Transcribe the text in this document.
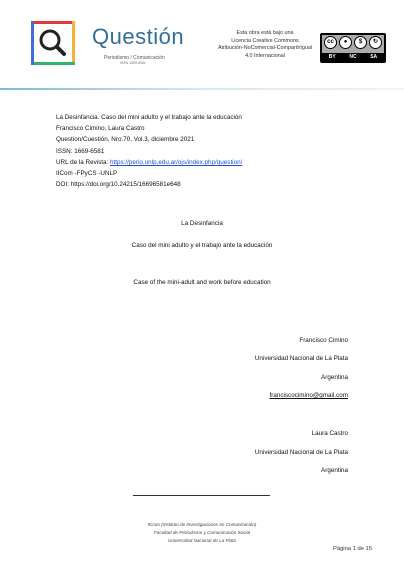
Questión
Periodismo / Comunicación
ISSN 1669-6581
Esta obra está bajo una
Licencia Creative Commons
Atribución-NoComercial-CompartirIgual
4.0 Internacional
cc	●	$	↻
BY	NC	SA
La Desinfancia. Caso del mini adulto y el trabajo ante la educación
Francisco Cimino, Laura Castro
Question/Cuestión, Nro.70, Vol.3, diciembre 2021
ISSN: 1669-6581
URL de la Revista: https://perio.unlp.edu.ar/ojs/index.php/question/
IICom -FPyCS -UNLP
DOI: https://doi.org/10.24215/16696581e648
La Desinfancia
Caso del mini adulto y el trabajo ante la educación
Case of the mini-adult and work before education
Francisco Cimino
Universidad Nacional de La Plata
Argentina
franciscocimino@gmail.com
Laura Castro
Universidad Nacional de La Plata
Argentina
IICom (Instituto de Investigaciones en Comunicación)
Facultad de Periodismo y Comunicación Social
Universidad Nacional de La Plata
Página 1 de 15
